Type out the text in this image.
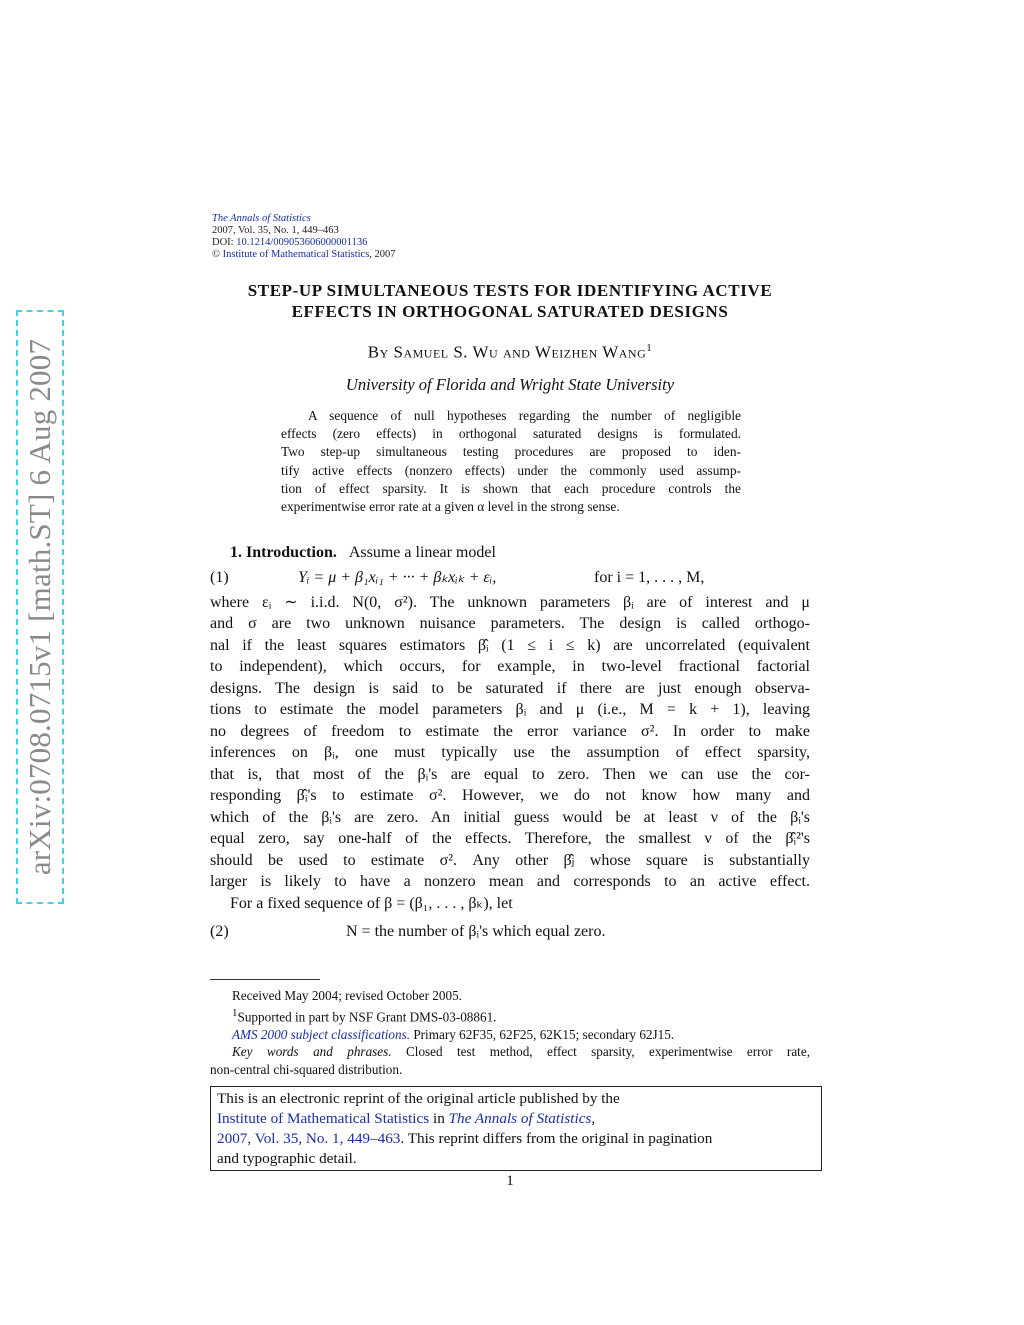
arXiv:0708.0715v1 [math.ST] 6 Aug 2007
The Annals of Statistics
2007, Vol. 35, No. 1, 449–463
DOI: 10.1214/009053606000001136
© Institute of Mathematical Statistics, 2007
STEP-UP SIMULTANEOUS TESTS FOR IDENTIFYING ACTIVE
EFFECTS IN ORTHOGONAL SATURATED DESIGNS
By Samuel S. Wu and Weizhen Wang$^1$
University of Florida and Wright State University
A sequence of null hypotheses regarding the number of negligible
effects (zero effects) in orthogonal saturated designs is formulated.
Two step-up simultaneous testing procedures are proposed to iden-
tify active effects (nonzero effects) under the commonly used assump-
tion of effect sparsity. It is shown that each procedure controls the
experimentwise error rate at a given α level in the strong sense.
1. Introduction. Assume a linear model
(1)	Yᵢ = μ + β₁xᵢ₁ + ··· + βₖxᵢₖ + εᵢ,	for i = 1, . . . , M,
where εᵢ ∼ i.i.d. N(0, σ²). The unknown parameters βᵢ are of interest and μ
and σ are two unknown nuisance parameters. The design is called orthogo-
nal if the least squares estimators β̂ᵢ (1 ≤ i ≤ k) are uncorrelated (equivalent
to independent), which occurs, for example, in two-level fractional factorial
designs. The design is said to be saturated if there are just enough observa-
tions to estimate the model parameters βᵢ and μ (i.e., M = k + 1), leaving
no degrees of freedom to estimate the error variance σ². In order to make
inferences on βᵢ, one must typically use the assumption of effect sparsity,
that is, that most of the βᵢ's are equal to zero. Then we can use the cor-
responding β̂ᵢ's to estimate σ². However, we do not know how many and
which of the βᵢ's are zero. An initial guess would be at least ν of the βᵢ's
equal zero, say one-half of the effects. Therefore, the smallest ν of the β̂ᵢ²'s
should be used to estimate σ². Any other β̂ⱼ whose square is substantially
larger is likely to have a nonzero mean and corresponds to an active effect.
For a fixed sequence of β = (β₁, . . . , βₖ), let
(2)	N = the number of βᵢ's which equal zero.
Received May 2004; revised October 2005.
$^1$Supported in part by NSF Grant DMS-03-08861.
AMS 2000 subject classifications. Primary 62F35, 62F25, 62K15; secondary 62J15.
Key words and phrases. Closed test method, effect sparsity, experimentwise error rate,
non-central chi-squared distribution.
This is an electronic reprint of the original article published by the
Institute of Mathematical Statistics in The Annals of Statistics,
2007, Vol. 35, No. 1, 449–463. This reprint differs from the original in pagination
and typographic detail.
1
